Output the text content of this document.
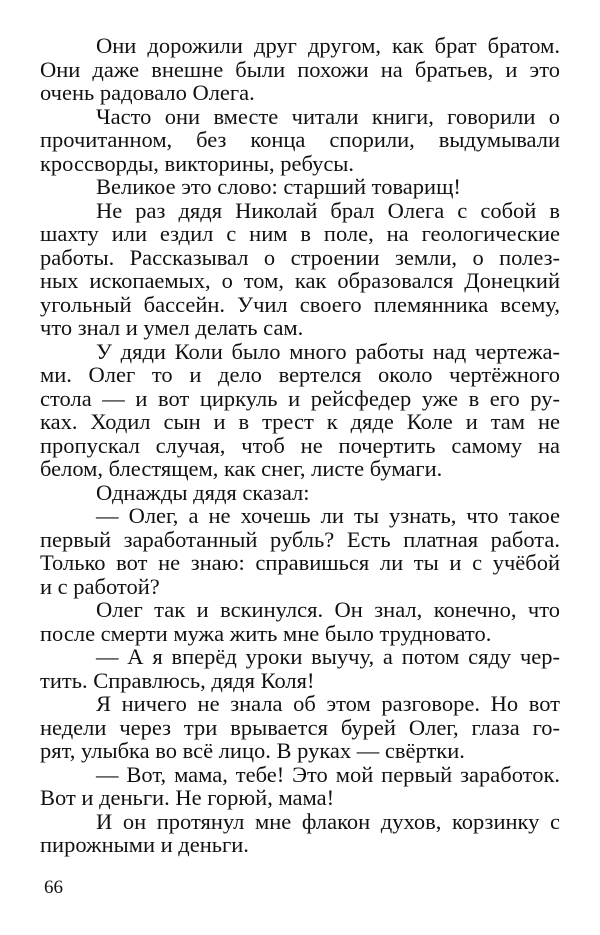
Они дорожили друг другом, как брат братом.
Они даже внешне были похожи на братьев, и это
очень радовало Олега.
Часто они вместе читали книги, говорили о
прочитанном, без конца спорили, выдумывали
кроссворды, викторины, ребусы.
Великое это слово: старший товарищ!
Не раз дядя Николай брал Олега с собой в
шахту или ездил с ним в поле, на геологические
работы. Рассказывал о строении земли, о полез-
ных ископаемых, о том, как образовался Донецкий
угольный бассейн. Учил своего племянника всему,
что знал и умел делать сам.
У дяди Коли было много работы над чертежа-
ми. Олег то и дело вертелся около чертёжного
стола — и вот циркуль и рейсфедер уже в его ру-
ках. Ходил сын и в трест к дяде Коле и там не
пропускал случая, чтоб не почертить самому на
белом, блестящем, как снег, листе бумаги.
Однажды дядя сказал:
— Олег, а не хочешь ли ты узнать, что такое
первый заработанный рубль? Есть платная работа.
Только вот не знаю: справишься ли ты и с учёбой
и с работой?
Олег так и вскинулся. Он знал, конечно, что
после смерти мужа жить мне было трудновато.
— А я вперёд уроки выучу, а потом сяду чер-
тить. Справлюсь, дядя Коля!
Я ничего не знала об этом разговоре. Но вот
недели через три врывается бурей Олег, глаза го-
рят, улыбка во всё лицо. В руках — свёртки.
— Вот, мама, тебе! Это мой первый заработок.
Вот и деньги. Не горюй, мама!
И он протянул мне флакон духов, корзинку с
пирожными и деньги.
66
